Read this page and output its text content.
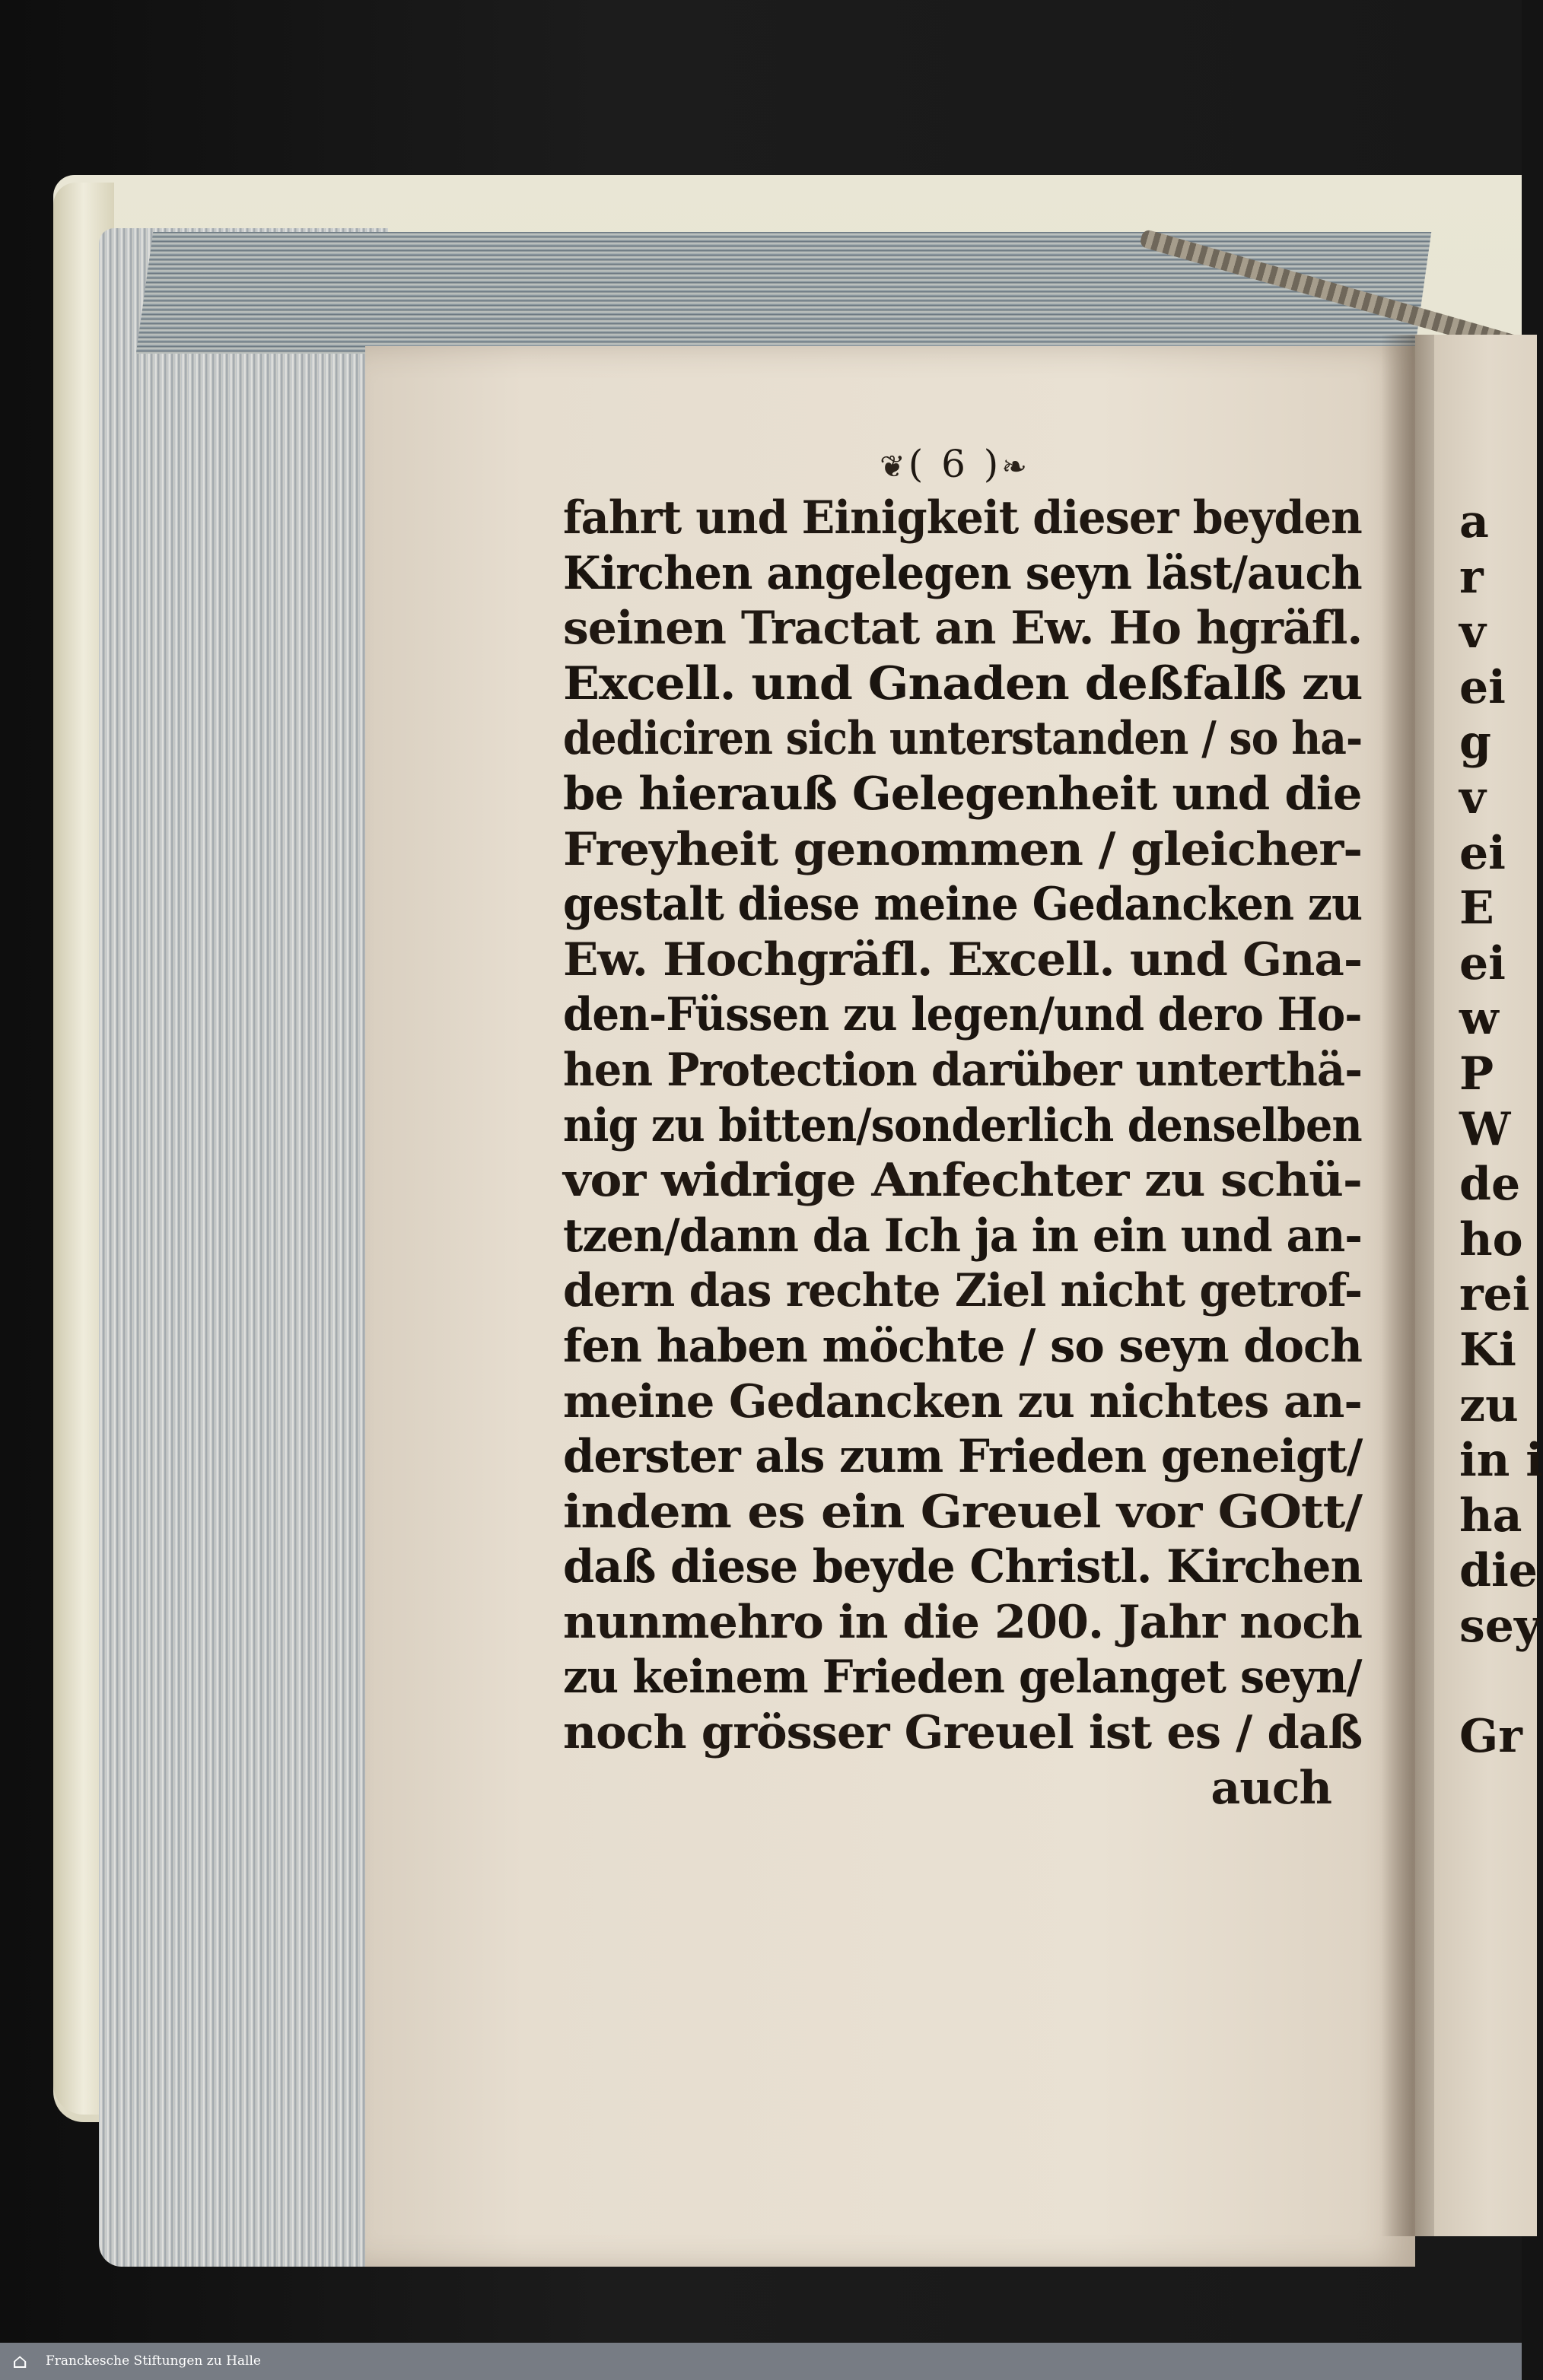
❦( 6 )❧
fahrt und Einigkeit dieser beyden
Kirchen angelegen seyn läst/auch
seinen Tractat an Ew. Ho hgräfl.
Excell. und Gnaden deßfalß zu
dediciren sich unterstanden / so ha-
be hierauß Gelegenheit und die
Freyheit genommen / gleicher-
gestalt diese meine Gedancken zu
Ew. Hochgräfl. Excell. und Gna-
den-Füssen zu legen/und dero Ho-
hen Protection darüber unterthä-
nig zu bitten/sonderlich denselben
vor widrige Anfechter zu schü-
tzen/dann da Ich ja in ein und an-
dern das rechte Ziel nicht getrof-
fen haben möchte / so seyn doch
meine Gedancken zu nichtes an-
derster als zum Frieden geneigt/
indem es ein Greuel vor GOtt/
daß diese beyde Christl. Kirchen
nunmehro in die 200. Jahr noch
zu keinem Frieden gelanget seyn/
noch grösser Greuel ist es / daß
auch
a
r
v
ei
g
v
ei
E
ei
w
P
W
de
ho
rei
Ki
zu
in i
ha
die
sey
Gr
⌂	Franckesche Stiftungen zu Halle
